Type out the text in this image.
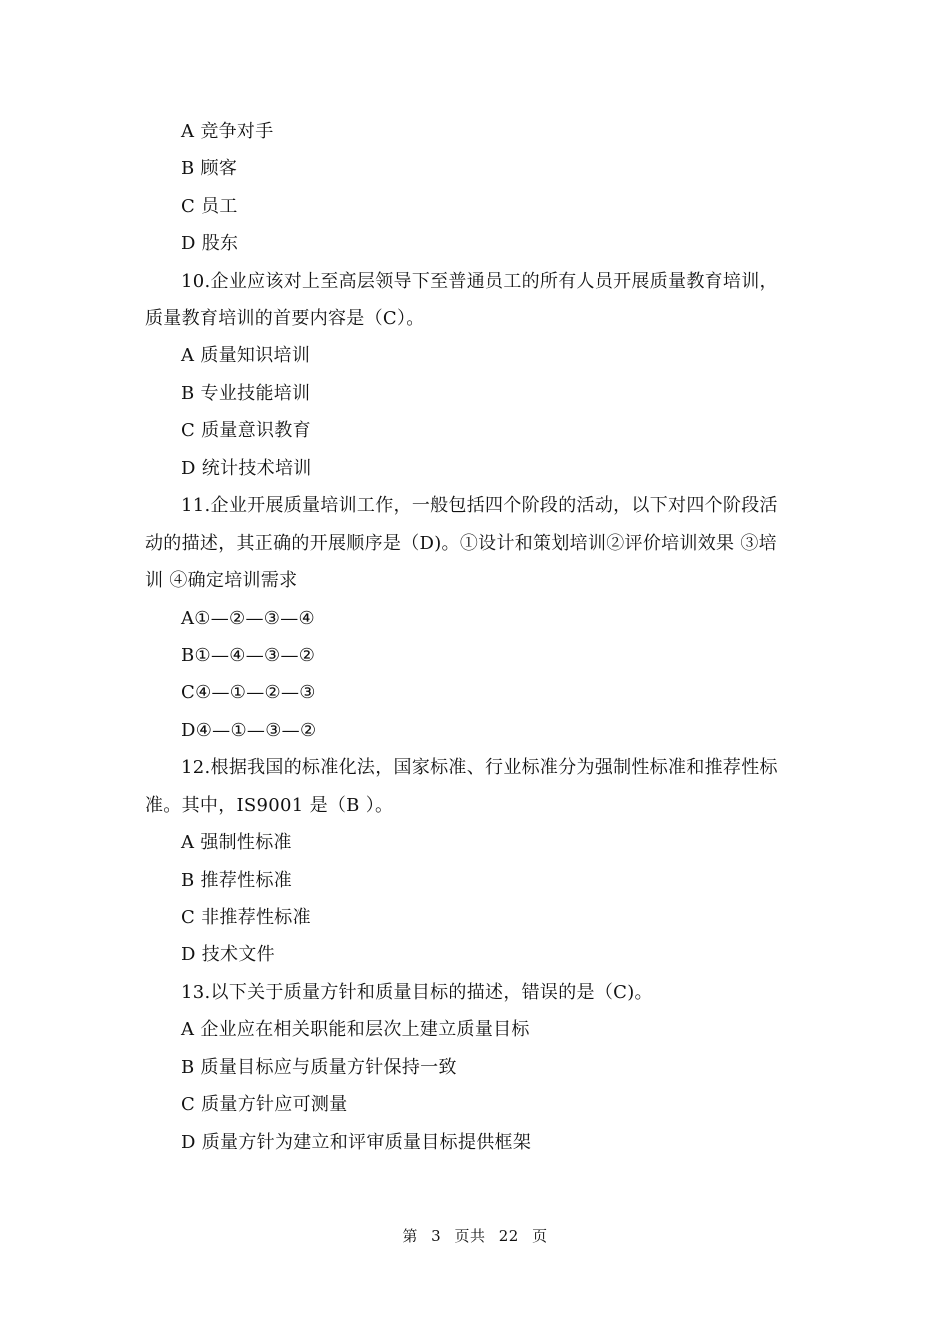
A 竞争对手
B 顾客
C 员工
D 股东
10.企业应该对上至高层领导下至普通员工的所有人员开展质量教育培训，
质量教育培训的首要内容是（C）。
A 质量知识培训
B 专业技能培训
C 质量意识教育
D 统计技术培训
11.企业开展质量培训工作，一般包括四个阶段的活动，以下对四个阶段活
动的描述，其正确的开展顺序是（D)。①设计和策划培训②评价培训效果 ③培
训 ④确定培训需求
A①—②—③—④
B①—④—③—②
C④—①—②—③
D④—①—③—②
12.根据我国的标准化法，国家标准、行业标准分为强制性标准和推荐性标
准。其中，IS9001 是（B ）。
A 强制性标准
B 推荐性标准
C 非推荐性标准
D 技术文件
13.以下关于质量方针和质量目标的描述，错误的是（C)。
A 企业应在相关职能和层次上建立质量目标
B 质量目标应与质量方针保持一致
C 质量方针应可测量
D 质量方针为建立和评审质量目标提供框架
第 3 页共 22 页
